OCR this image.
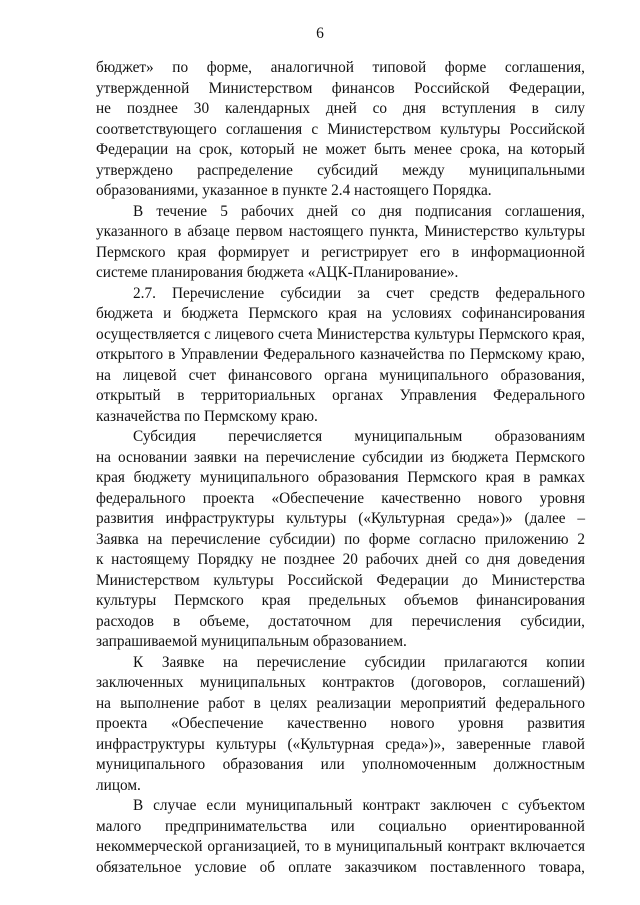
6
бюджет» по форме, аналогичной типовой форме соглашения,
утвержденной Министерством финансов Российской Федерации,
не позднее 30 календарных дней со дня вступления в силу
соответствующего соглашения с Министерством культуры Российской
Федерации на срок, который не может быть менее срока, на который
утверждено распределение субсидий между муниципальными
образованиями, указанное в пункте 2.4 настоящего Порядка.
В течение 5 рабочих дней со дня подписания соглашения,
указанного в абзаце первом настоящего пункта, Министерство культуры
Пермского края формирует и регистрирует его в информационной
системе планирования бюджета «АЦК-Планирование».
2.7. Перечисление субсидии за счет средств федерального
бюджета и бюджета Пермского края на условиях софинансирования
осуществляется с лицевого счета Министерства культуры Пермского края,
открытого в Управлении Федерального казначейства по Пермскому краю,
на лицевой счет финансового органа муниципального образования,
открытый в территориальных органах Управления Федерального
казначейства по Пермскому краю.
Субсидия перечисляется муниципальным образованиям
на основании заявки на перечисление субсидии из бюджета Пермского
края бюджету муниципального образования Пермского края в рамках
федерального проекта «Обеспечение качественно нового уровня
развития инфраструктуры культуры («Культурная среда»)» (далее –
Заявка на перечисление субсидии) по форме согласно приложению 2
к настоящему Порядку не позднее 20 рабочих дней со дня доведения
Министерством культуры Российской Федерации до Министерства
культуры Пермского края предельных объемов финансирования
расходов в объеме, достаточном для перечисления субсидии,
запрашиваемой муниципальным образованием.
К Заявке на перечисление субсидии прилагаются копии
заключенных муниципальных контрактов (договоров, соглашений)
на выполнение работ в целях реализации мероприятий федерального
проекта «Обеспечение качественно нового уровня развития
инфраструктуры культуры («Культурная среда»)», заверенные главой
муниципального образования или уполномоченным должностным
лицом.
В случае если муниципальный контракт заключен с субъектом
малого предпринимательства или социально ориентированной
некоммерческой организацией, то в муниципальный контракт включается
обязательное условие об оплате заказчиком поставленного товара,
